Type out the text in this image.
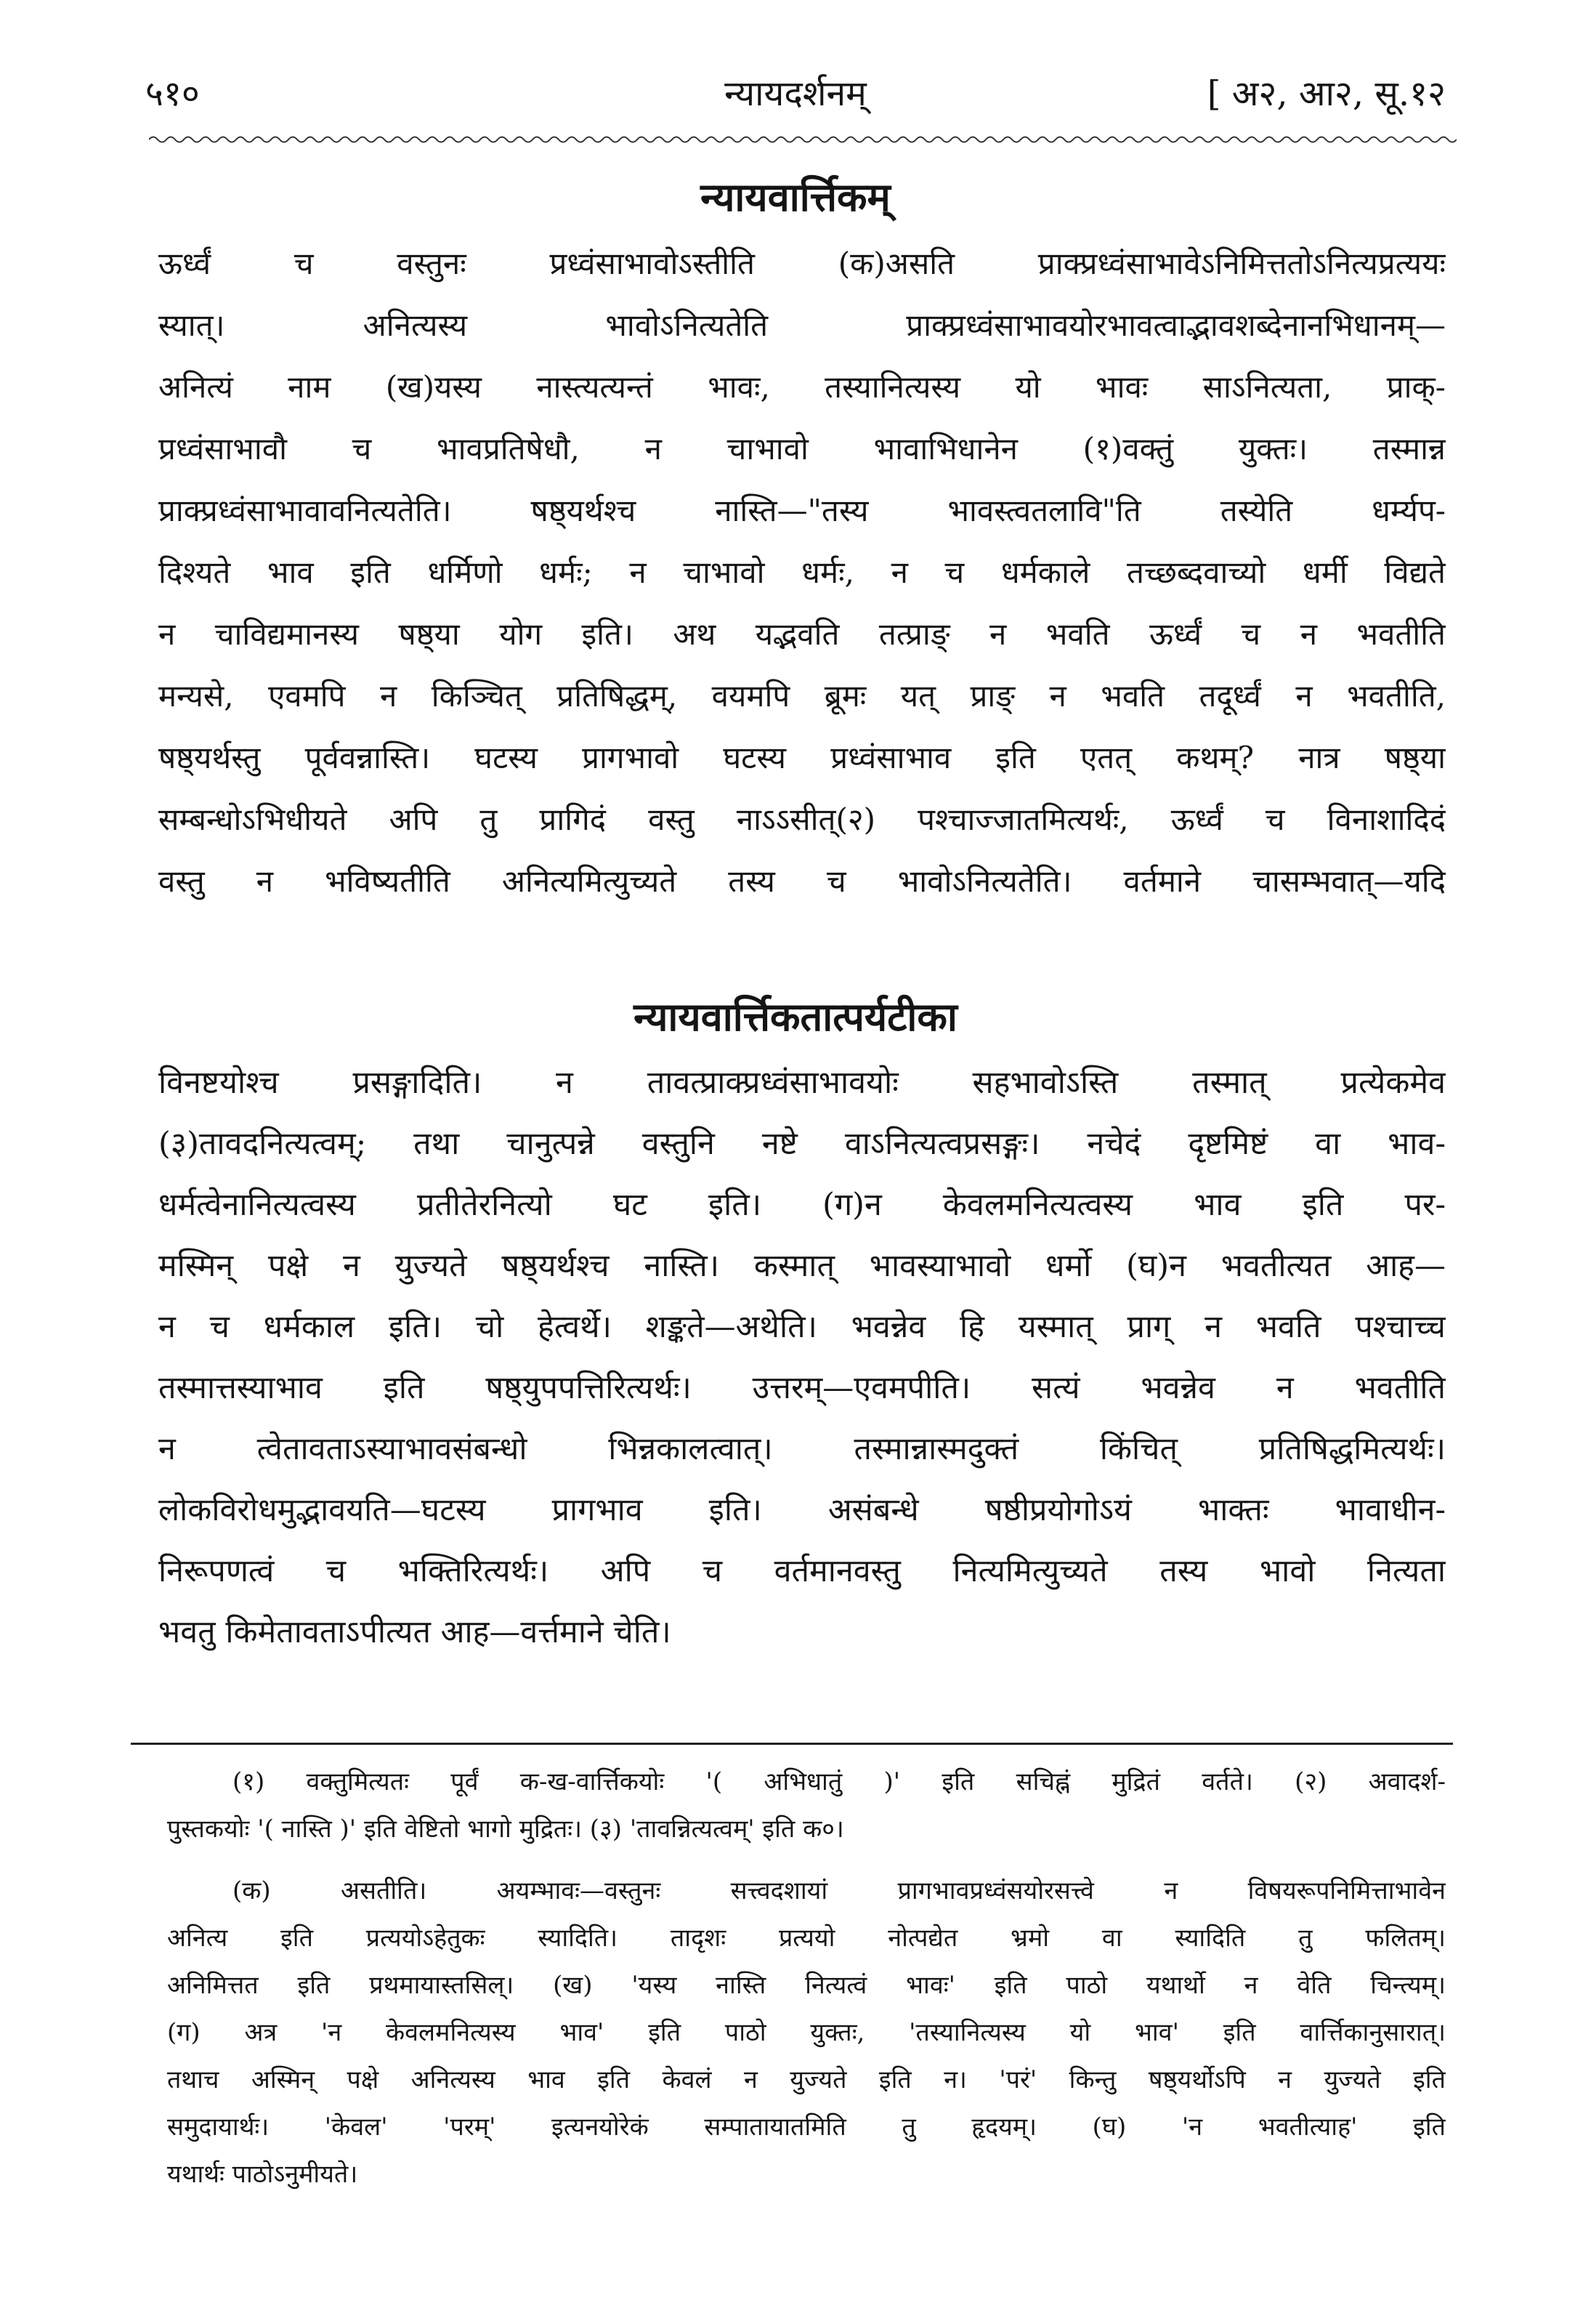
५१०	न्यायदर्शनम्	[ अ२, आ२, सू.१२
न्यायवार्त्तिकम्
ऊर्ध्वं च वस्तुनः प्रध्वंसाभावोऽस्तीति (क)असति प्राक्प्रध्वंसाभावेऽनिमित्ततोऽनित्यप्रत्ययः
स्यात्। अनित्यस्य भावोऽनित्यतेति प्राक्प्रध्वंसाभावयोरभावत्वाद्भावशब्देनानभिधानम्—
अनित्यं नाम (ख)यस्य नास्त्यत्यन्तं भावः, तस्यानित्यस्य यो भावः साऽनित्यता, प्राक्-
प्रध्वंसाभावौ च भावप्रतिषेधौ, न चाभावो भावाभिधानेन (१)वक्तुं युक्तः। तस्मान्न
प्राक्प्रध्वंसाभावावनित्यतेति। षष्ठ्यर्थश्च नास्ति—"तस्य भावस्त्वतलावि"ति तस्येति धर्म्यप-
दिश्यते भाव इति धर्मिणो धर्मः; न चाभावो धर्मः, न च धर्मकाले तच्छब्दवाच्यो धर्मी विद्यते
न चाविद्यमानस्य षष्ठ्या योग इति। अथ यद्भवति तत्प्राङ् न भवति ऊर्ध्वं च न भवतीति
मन्यसे, एवमपि न किञ्चित् प्रतिषिद्धम्, वयमपि ब्रूमः यत् प्राङ् न भवति तदूर्ध्वं न भवतीति,
षष्ठ्यर्थस्तु पूर्ववन्नास्ति। घटस्य प्रागभावो घटस्य प्रध्वंसाभाव इति एतत् कथम्? नात्र षष्ठ्या
सम्बन्धोऽभिधीयते अपि तु प्रागिदं वस्तु नाऽऽसीत्(२) पश्चाज्जातमित्यर्थः, ऊर्ध्वं च विनाशादिदं
वस्तु न भविष्यतीति अनित्यमित्युच्यते तस्य च भावोऽनित्यतेति। वर्तमाने चासम्भवात्—यदि
न्यायवार्त्तिकतात्पर्यटीका
विनष्टयोश्च प्रसङ्गादिति। न तावत्प्राक्प्रध्वंसाभावयोः सहभावोऽस्ति तस्मात् प्रत्येकमेव
(३)तावदनित्यत्वम्; तथा चानुत्पन्ने वस्तुनि नष्टे वाऽनित्यत्वप्रसङ्गः। नचेदं दृष्टमिष्टं वा भाव-
धर्मत्वेनानित्यत्वस्य प्रतीतेरनित्यो घट इति। (ग)न केवलमनित्यत्वस्य भाव इति पर-
मस्मिन् पक्षे न युज्यते षष्ठ्यर्थश्च नास्ति। कस्मात् भावस्याभावो धर्मो (घ)न भवतीत्यत आह—
न च धर्मकाल इति। चो हेत्वर्थे। शङ्कते—अथेति। भवन्नेव हि यस्मात् प्राग् न भवति पश्चाच्च
तस्मात्तस्याभाव इति षष्ठ्युपपत्तिरित्यर्थः। उत्तरम्—एवमपीति। सत्यं भवन्नेव न भवतीति
न त्वेतावताऽस्याभावसंबन्धो भिन्नकालत्वात्। तस्मान्नास्मदुक्तं किंचित् प्रतिषिद्धमित्यर्थः।
लोकविरोधमुद्भावयति—घटस्य प्रागभाव इति। असंबन्धे षष्ठीप्रयोगोऽयं भाक्तः भावाधीन-
निरूपणत्वं च भक्तिरित्यर्थः। अपि च वर्तमानवस्तु नित्यमित्युच्यते तस्य भावो नित्यता
भवतु किमेतावताऽपीत्यत आह—वर्त्तमाने चेति।
(१) वक्तुमित्यतः पूर्वं क-ख-वार्त्तिकयोः '( अभिधातुं )' इति सचिह्नं मुद्रितं वर्तते। (२) अवादर्श-
पुस्तकयोः '( नास्ति )' इति वेष्टितो भागो मुद्रितः। (३) 'तावन्नित्यत्वम्' इति क०।
(क) असतीति। अयम्भावः—वस्तुनः सत्त्वदशायां प्रागभावप्रध्वंसयोरसत्त्वे न विषयरूपनिमित्ताभावेन
अनित्य इति प्रत्ययोऽहेतुकः स्यादिति। तादृशः प्रत्ययो नोत्पद्येत भ्रमो वा स्यादिति तु फलितम्।
अनिमित्तत इति प्रथमायास्तसिल्। (ख) 'यस्य नास्ति नित्यत्वं भावः' इति पाठो यथार्थो न वेति चिन्त्यम्।
(ग) अत्र 'न केवलमनित्यस्य भाव' इति पाठो युक्तः, 'तस्यानित्यस्य यो भाव' इति वार्त्तिकानुसारात्।
तथाच अस्मिन् पक्षे अनित्यस्य भाव इति केवलं न युज्यते इति न। 'परं' किन्तु षष्ठ्यर्थोऽपि न युज्यते इति
समुदायार्थः। 'केवल' 'परम्' इत्यनयोरेकं सम्पातायातमिति तु हृदयम्। (घ) 'न भवतीत्याह' इति
यथार्थः पाठोऽनुमीयते।
